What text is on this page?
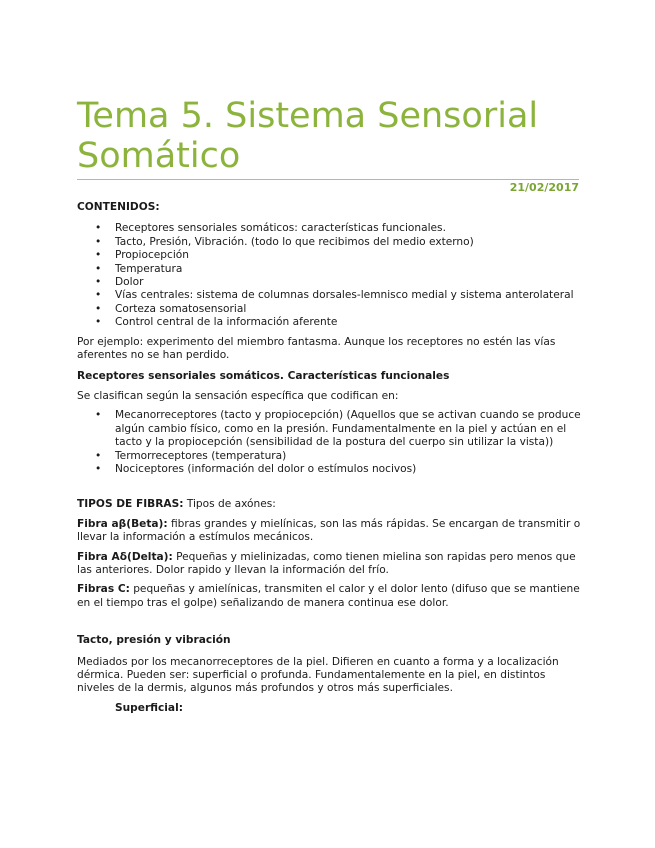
Tema 5. Sistema Sensorial Somático
21/02/2017

CONTENIDOS:

• Receptores sensoriales somáticos: características funcionales.
• Tacto, Presión, Vibración. (todo lo que recibimos del medio externo)
• Propiocepción
• Temperatura
• Dolor
• Vías centrales: sistema de columnas dorsales-lemnisco medial y sistema anterolateral
• Corteza somatosensorial
• Control central de la información aferente

Por ejemplo: experimento del miembro fantasma. Aunque los receptores no estén las vías aferentes no se han perdido.

Receptores sensoriales somáticos. Características funcionales

Se clasifican según la sensación específica que codifican en:

• Mecanorreceptores (tacto y propiocepción) (Aquellos que se activan cuando se produce algún cambio físico, como en la presión. Fundamentalmente en la piel y actúan en el tacto y la propiocepción (sensibilidad de la postura del cuerpo sin utilizar la vista))
• Termorreceptores (temperatura)
• Nociceptores (información del dolor o estímulos nocivos)

TIPOS DE FIBRAS: Tipos de axónes:

Fibra aβ(Beta): fibras grandes y mielínicas, son las más rápidas. Se encargan de transmitir o llevar la información a estímulos mecánicos.

Fibra Aδ(Delta): Pequeñas y mielinizadas, como tienen mielina son rapidas pero menos que las anteriores. Dolor rapido y llevan la información del frío.

Fibras C: pequeñas y amielínicas, transmiten el calor y el dolor lento (difuso que se mantiene en el tiempo tras el golpe) señalizando de manera continua ese dolor.

Tacto, presión y vibración

Mediados por los mecanorreceptores de la piel. Difieren en cuanto a forma y a localización dérmica. Pueden ser: superficial o profunda. Fundamentalemente en la piel, en distintos niveles de la dermis, algunos más profundos y otros más superficiales.

Superficial:
